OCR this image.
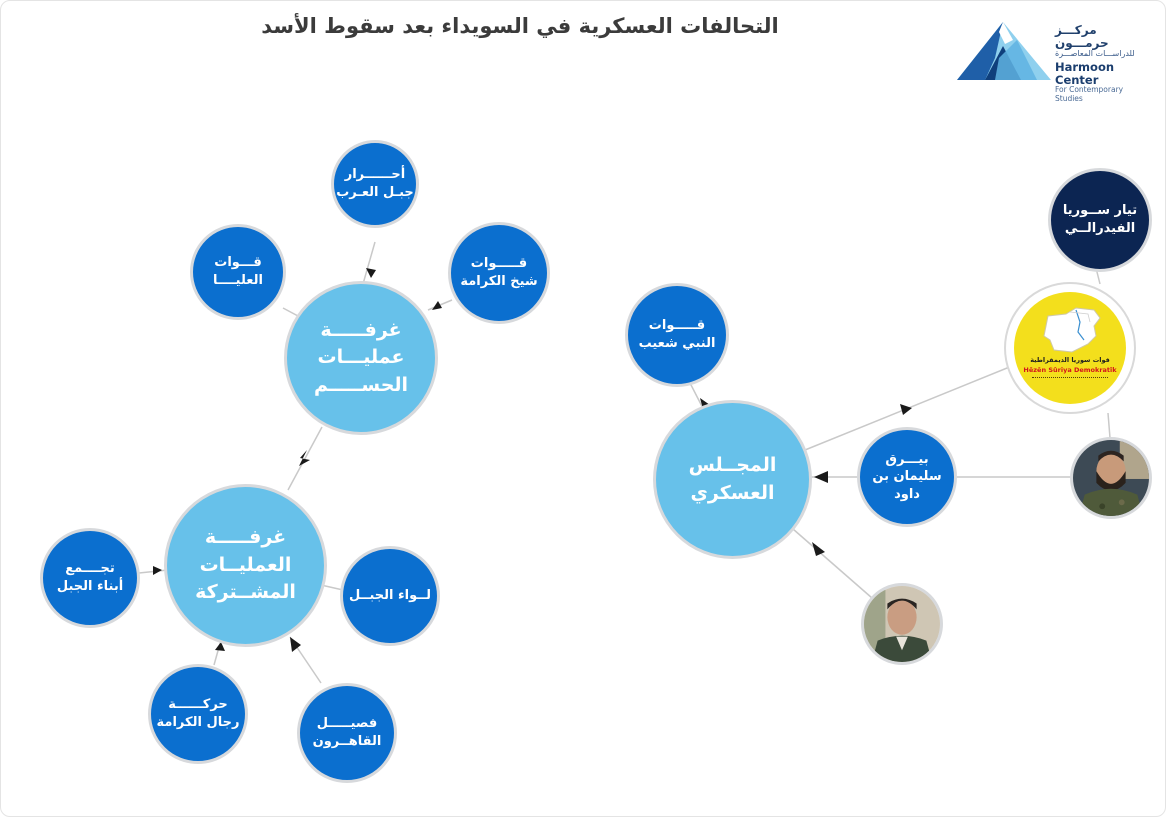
التحالفات العسكرية في السويداء بعد سقوط الأسد	مركـــز حرمـــون
للدراســـات المعاصـــرة
Harmoon Center
For Contemporary Studies
أحــــــرار
جبـل العـرب
قـــوات
العليــــا
قـــــوات
شيخ الكرامة
غرفـــــة
عمليـــات
الحســـــم
غرفـــــة
العمليــات
المشــتركة
تجــــمع
أبناء الجبل
لــواء الجبــل
حركــــــة
رجال الكرامة	فصيـــــل
القاهــرون
قـــــوات
النبي شعيب
المجــلس
العسكري
بيـــرق
سليمان بن
داود
تيار ســوريا
الفيدرالــي
قوات سوريا الديمقراطية
Hêzên Sûriya Demokratîk
